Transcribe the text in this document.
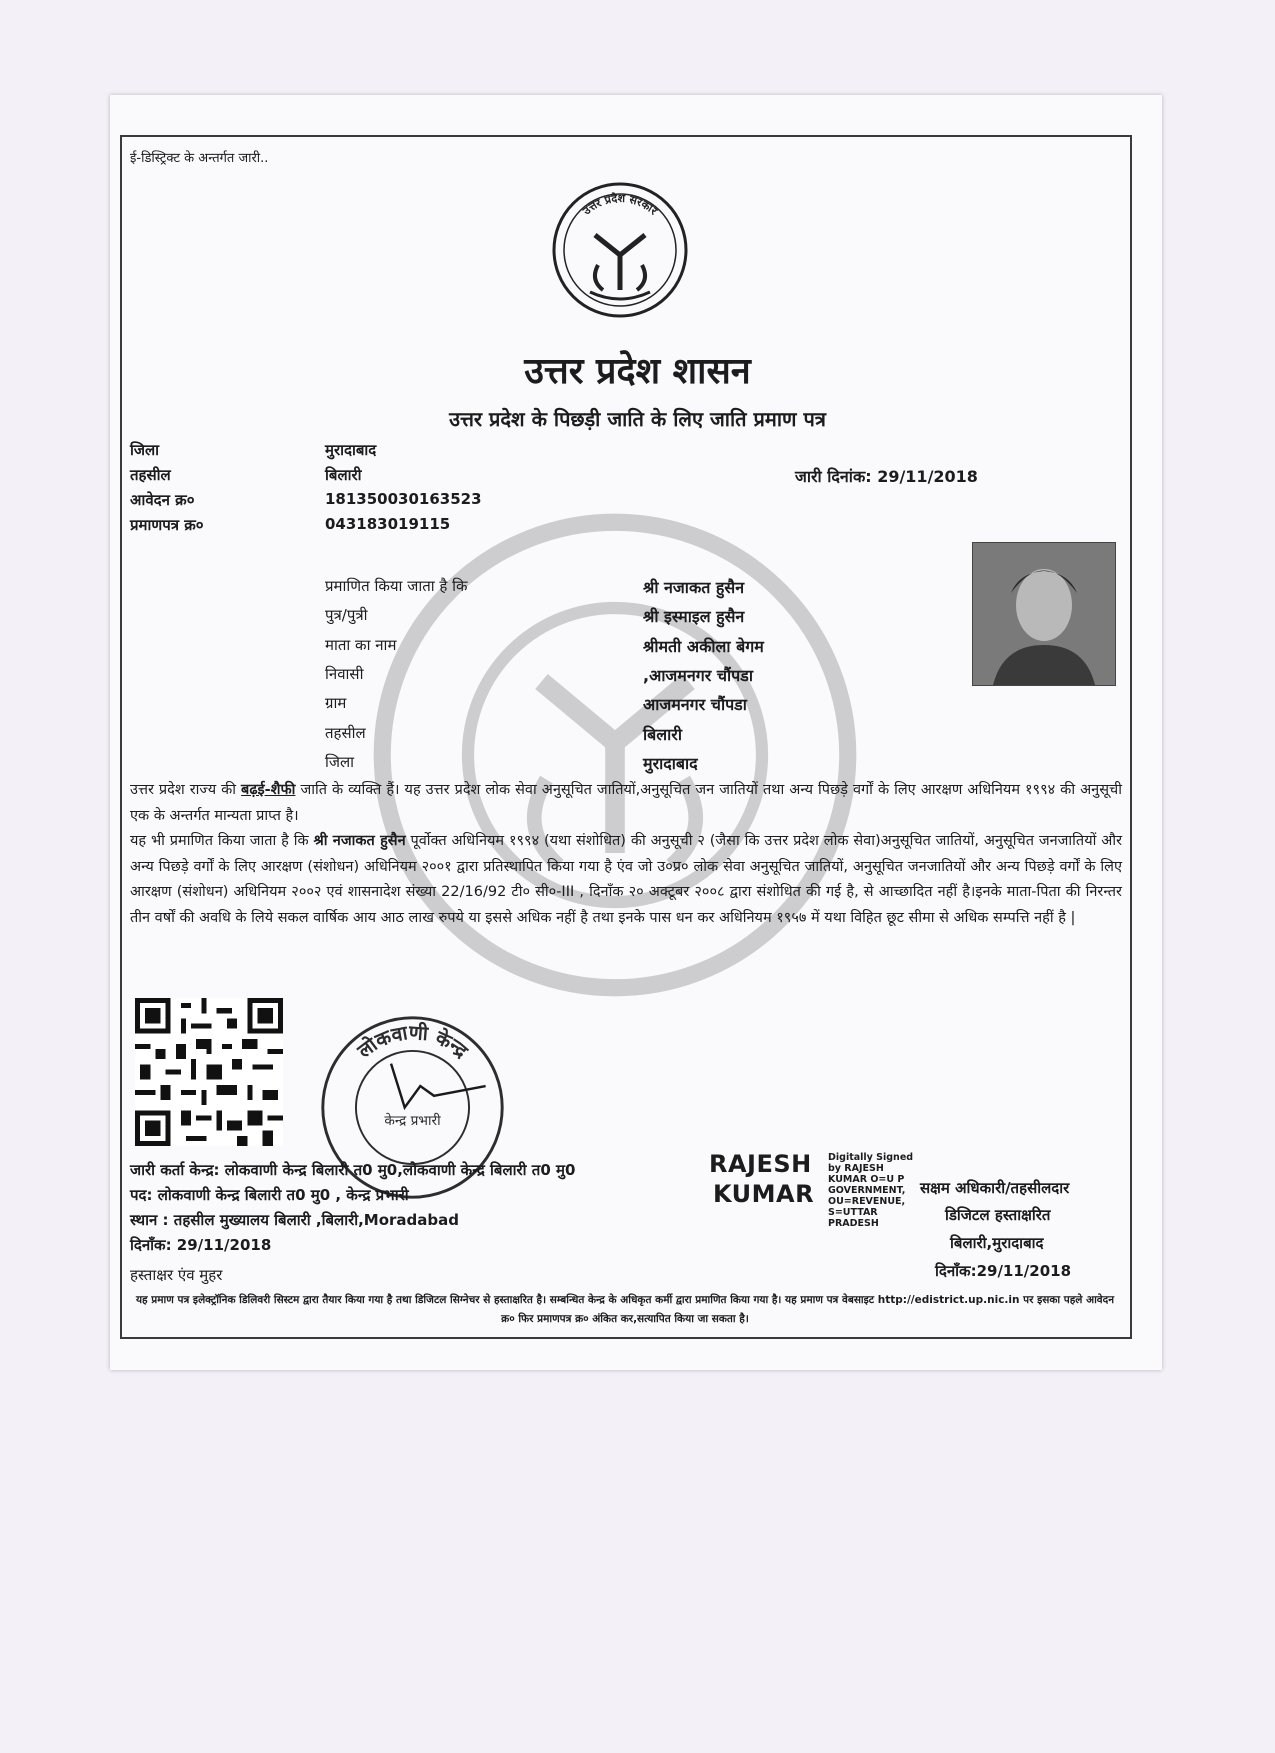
ई-डिस्ट्रिक्ट के अन्तर्गत जारी..
उत्तर प्रदेश सरकार
उत्तर प्रदेश शासन
उत्तर प्रदेश के पिछड़ी जाति के लिए जाति प्रमाण पत्र
जिला	मुरादाबाद
तहसील	बिलारी
आवेदन क्र०	181350030163523
प्रमाणपत्र क्र०	043183019115
जारी दिनांक: 29/11/2018
प्रमाणित किया जाता है कि	श्री नजाकत हुसैन
पुत्र/पुत्री	श्री इस्माइल हुसैन
माता का नाम	श्रीमती अकीला बेगम
निवासी	,आजमनगर चौंपडा
ग्राम	आजमनगर चौंपडा
तहसील	बिलारी
जिला	मुरादाबाद

उत्तर प्रदेश राज्य की बढ़ई-शैफी जाति के व्यक्ति हैं। यह उत्तर प्रदेश लोक सेवा अनुसूचित जातियों,अनुसूचित जन जातियों तथा अन्य पिछड़े वर्गों के लिए आरक्षण अधिनियम १९९४ की अनुसूची एक के अन्तर्गत मान्यता प्राप्त है।

यह भी प्रमाणित किया जाता है कि श्री नजाकत हुसैन पूर्वोक्त अधिनियम १९९४ (यथा संशोधित) की अनुसूची २ (जैसा कि उत्तर प्रदेश लोक सेवा)अनुसूचित जातियों, अनुसूचित जनजातियों और अन्य पिछड़े वर्गों के लिए आरक्षण (संशोधन) अधिनियम २००१ द्वारा प्रतिस्थापित किया गया है एंव जो उ०प्र० लोक सेवा अनुसूचित जातियों, अनुसूचित जनजातियों और अन्य पिछड़े वर्गों के लिए आरक्षण (संशोधन) अधिनियम २००२ एवं शासनादेश संख्या 22/16/92 टी० सी०-III , दिनाँक २० अक्टूबर २००८ द्वारा संशोधित की गई है, से आच्छादित नहीं है।इनके माता-पिता की निरन्तर तीन वर्षों की अवधि के लिये सकल वार्षिक आय आठ लाख रुपये या इससे अधिक नहीं है तथा इनके पास धन कर अधिनियम १९५७ में यथा विहित छूट सीमा से अधिक सम्पत्ति नहीं है |

लोकवाणी केन्द्र
केन्द्र प्रभारी
जारी कर्ता केन्द्र: लोकवाणी केन्द्र बिलारी त0 मु0,लोकवाणी केन्द्र बिलारी त0 मु0
पद: लोकवाणी केन्द्र बिलारी त0 मु0 , केन्द्र प्रभारी
स्थान : तहसील मुख्यालय बिलारी ,बिलारी,Moradabad
दिनाँक: 29/11/2018
हस्ताक्षर एंव मुहर
RAJESH
KUMAR
Digitally Signed by RAJESH KUMAR O=U P GOVERNMENT, OU=REVENUE, S=UTTAR PRADESH
सक्षम अधिकारी/तहसीलदार
डिजिटल हस्ताक्षरित
बिलारी,मुरादाबाद
दिनाँक:29/11/2018
यह प्रमाण पत्र इलेक्ट्रॉनिक डिलिवरी सिस्टम द्वारा तैयार किया गया है तथा डिजिटल सिग्नेचर से हस्ताक्षरित है। सम्बन्धित केन्द्र के अधिकृत कर्मी द्वारा प्रमाणित किया गया है। यह प्रमाण पत्र वेबसाइट http://edistrict.up.nic.in पर इसका पहले आवेदन क्र० फिर प्रमाणपत्र क्र० अंकित कर,सत्यापित किया जा सकता है।
